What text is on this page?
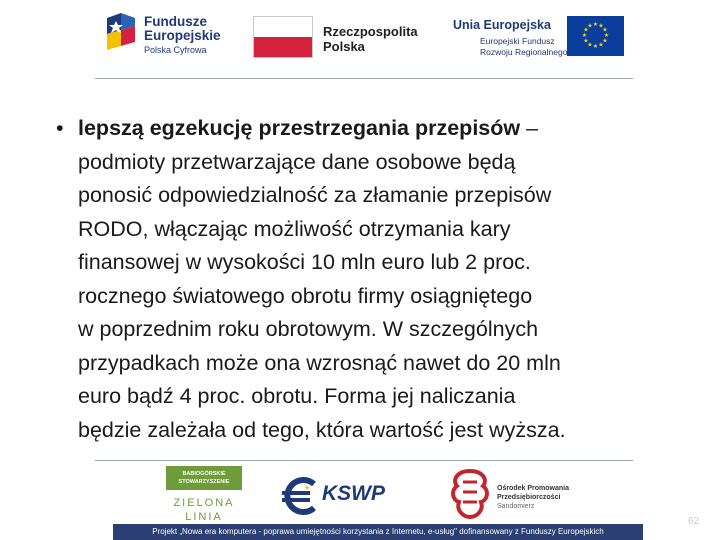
Fundusze
Europejskie
Polska Cyfrowa
Rzeczpospolita
Polska
Unia Europejska
Europejski Fundusz
Rozwoju Regionalnego
★ ★
★
★
★
★
★
★
★
★
★
★
• lepszą egzekucję przestrzegania przepisów –
podmioty przetwarzające dane osobowe będą
ponosić odpowiedzialność za złamanie przepisów
RODO, włączając możliwość otrzymania kary
finansowej w wysokości 10 mln euro lub 2 proc.
rocznego światowego obrotu firmy osiągniętego
w poprzednim roku obrotowym. W szczególnych
przypadkach może ona wzrosnąć nawet do 20 mln
euro bądź 4 proc. obrotu. Forma jej naliczania
będzie zależała od tego, która wartość jest wyższa.
BABIOGÓRSKIE
STOWARZYSZENIE
ZIELONA
LINIA
★ KSWP	Ośrodek Promowania
Przedsiębiorczości
Sandomierz
Projekt „Nowa era komputera - poprawa umiejętności korzystania z Internetu, e-usług" dofinansowany z Funduszy Europejskich
62
